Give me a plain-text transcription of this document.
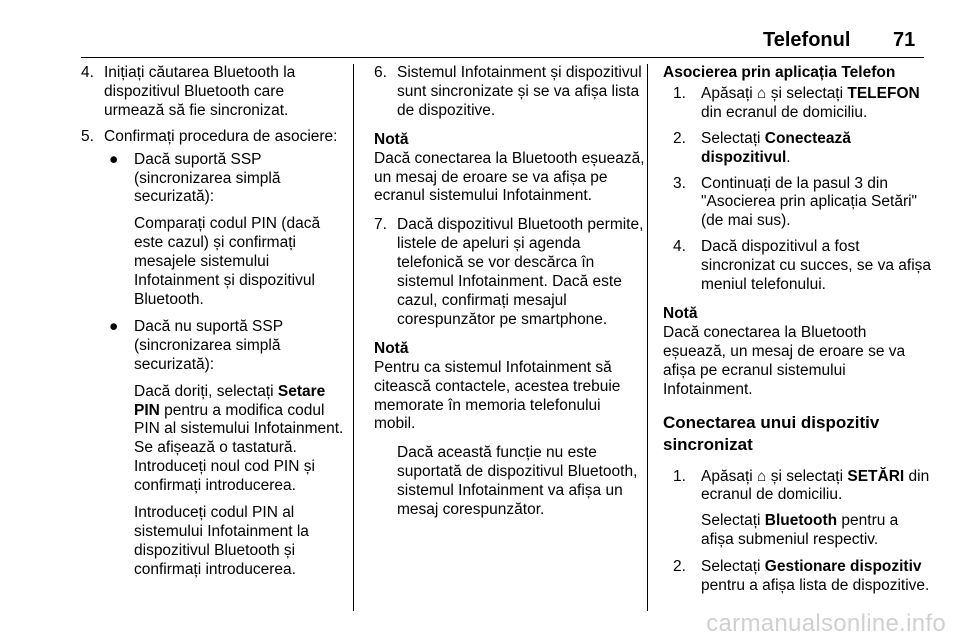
Telefonul 71
4. Inițiați căutarea Bluetooth la dispozitivul Bluetooth care urmează să fie sincronizat.
5. Confirmați procedura de asociere:
● Dacă suportă SSP (sincronizarea simplă securizată):

Comparați codul PIN (dacă este cazul) și confirmați mesajele sistemului Infotainment și dispozitivul Bluetooth.

● Dacă nu suportă SSP (sincronizarea simplă securizată):

Dacă doriți, selectați Setare PIN pentru a modifica codul PIN al sistemului Infotainment. Se afișează o tastatură. Introduceți noul cod PIN și confirmați introducerea.

Introduceți codul PIN al sistemului Infotainment la dispozitivul Bluetooth și confirmați introducerea.

6. Sistemul Infotainment și dispozitivul sunt sincronizate și se va afișa lista de dispozitive.
Notă
Dacă conectarea la Bluetooth eșuează, un mesaj de eroare se va afișa pe ecranul sistemului Infotainment.
7. Dacă dispozitivul Bluetooth permite, listele de apeluri și agenda telefonică se vor descărca în sistemul Infotainment. Dacă este cazul, confirmați mesajul corespunzător pe smartphone.
Notă
Pentru ca sistemul Infotainment să citească contactele, acestea trebuie memorate în memoria telefonului mobil.

Dacă această funcție nu este suportată de dispozitivul Bluetooth, sistemul Infotainment va afișa un mesaj corespunzător.

Asocierea prin aplicația Telefon
1. Apăsați ⌂ și selectați TELEFON din ecranul de domiciliu.
2. Selectați Conectează dispozitivul.
3. Continuați de la pasul 3 din "Asocierea prin aplicația Setări" (de mai sus).
4. Dacă dispozitivul a fost sincronizat cu succes, se va afișa meniul telefonului.
Notă
Dacă conectarea la Bluetooth eșuează, un mesaj de eroare se va afișa pe ecranul sistemului Infotainment.
Conectarea unui dispozitiv sincronizat
1. Apăsați ⌂ și selectați SETĂRI din ecranul de domiciliu.

Selectați Bluetooth pentru a afișa submeniul respectiv.

2. Selectați Gestionare dispozitiv pentru a afișa lista de dispozitive.
carmanualsonline.info
